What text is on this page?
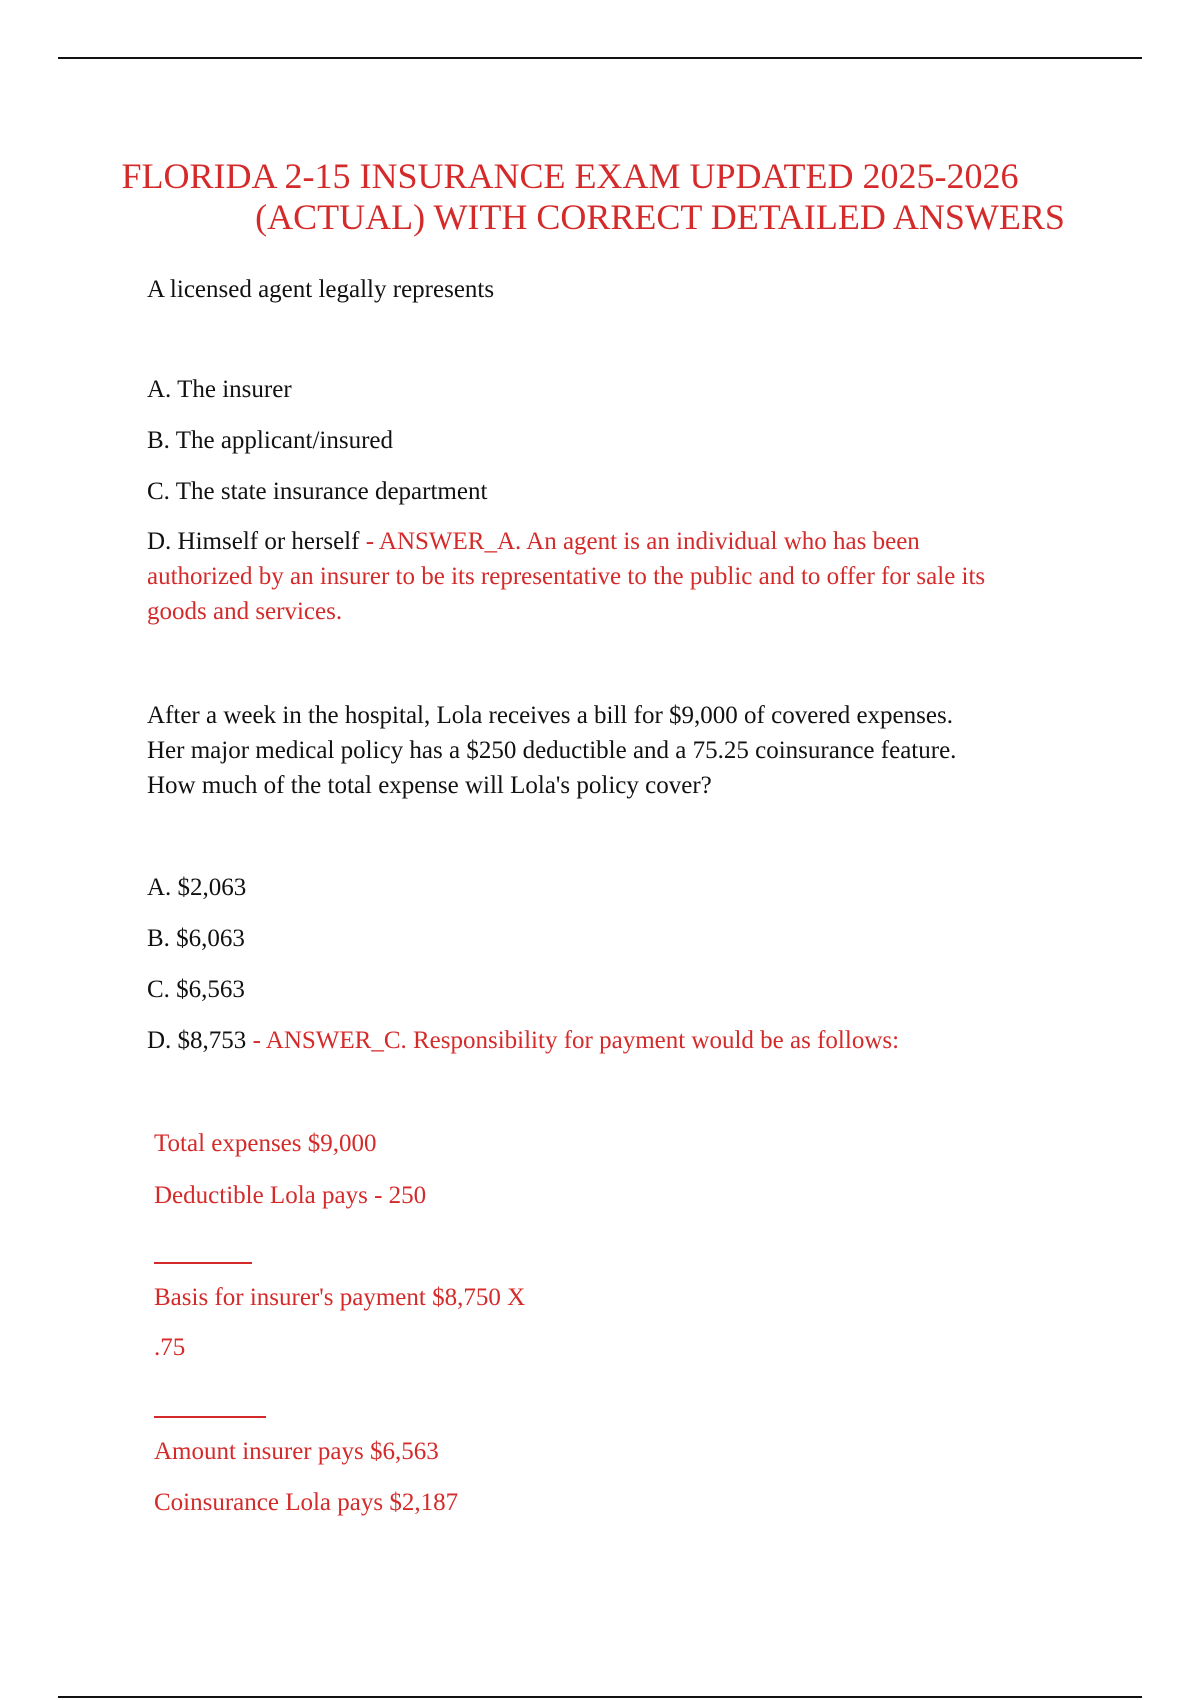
FLORIDA 2-15 INSURANCE EXAM UPDATED 2025-2026
(ACTUAL) WITH CORRECT DETAILED ANSWERS

A licensed agent legally represents

A. The insurer

B. The applicant/insured

C. The state insurance department

D. Himself or herself - ANSWER_A. An agent is an individual who has been
authorized by an insurer to be its representative to the public and to offer for sale its
goods and services.
After a week in the hospital, Lola receives a bill for $9,000 of covered expenses.
Her major medical policy has a $250 deductible and a 75.25 coinsurance feature.
How much of the total expense will Lola's policy cover?

A. $2,063

B. $6,063

C. $6,563

D. $8,753 - ANSWER_C. Responsibility for payment would be as follows:

Total expenses $9,000

Deductible Lola pays - 250

Basis for insurer's payment $8,750 X

.75

Amount insurer pays $6,563

Coinsurance Lola pays $2,187
